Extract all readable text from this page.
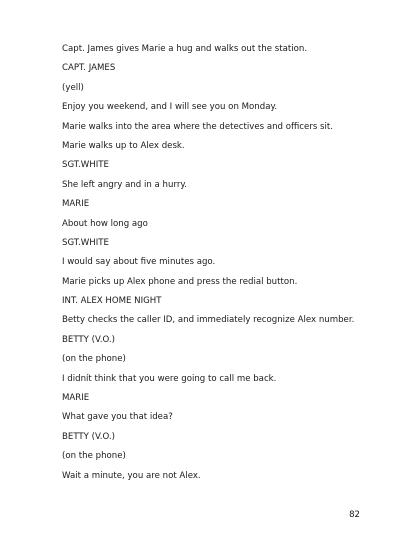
Capt. James gives Marie a hug and walks out the station.
CAPT. JAMES
(yell)
Enjoy you weekend, and I will see you on Monday.
Marie walks into the area where the detectives and officers sit.
Marie walks up to Alex desk.
SGT.WHITE
She left angry and in a hurry.
MARIE
About how long ago
SGT.WHITE
I would say about five minutes ago.
Marie picks up Alex phone and press the redial button.
INT. ALEX HOME NIGHT
Betty checks the caller ID, and immediately recognize Alex number.
BETTY (V.O.)
(on the phone)
I didnít think that you were going to call me back.
MARIE
What gave you that idea?
BETTY (V.O.)
(on the phone)
Wait a minute, you are not Alex.
82
